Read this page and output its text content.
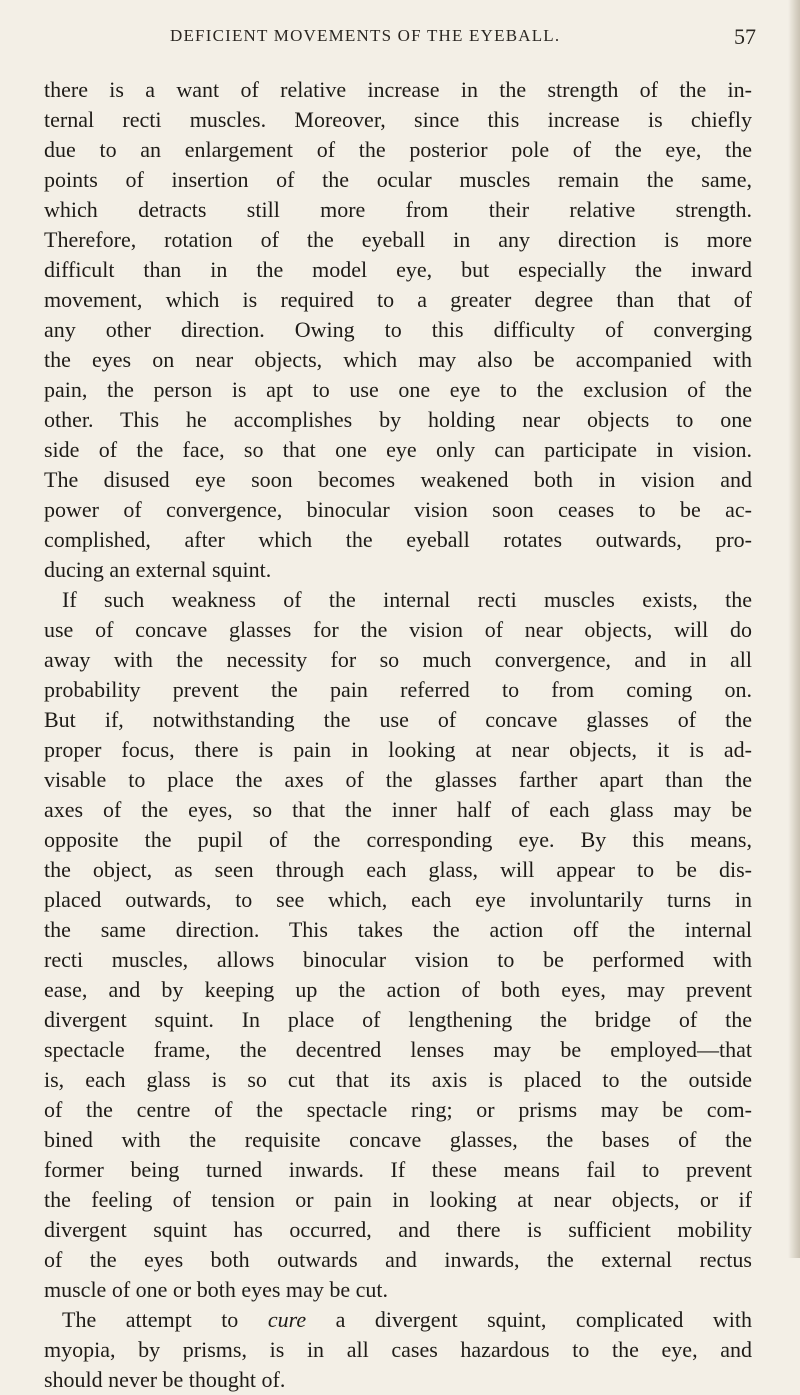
DEFICIENT MOVEMENTS OF THE EYEBALL.	57
there is a want of relative increase in the strength of the in-
ternal recti muscles. Moreover, since this increase is chiefly
due to an enlargement of the posterior pole of the eye, the
points of insertion of the ocular muscles remain the same,
which detracts still more from their relative strength.
Therefore, rotation of the eyeball in any direction is more
difficult than in the model eye, but especially the inward
movement, which is required to a greater degree than that of
any other direction. Owing to this difficulty of converging
the eyes on near objects, which may also be accompanied with
pain, the person is apt to use one eye to the exclusion of the
other. This he accomplishes by holding near objects to one
side of the face, so that one eye only can participate in vision.
The disused eye soon becomes weakened both in vision and
power of convergence, binocular vision soon ceases to be ac-
complished, after which the eyeball rotates outwards, pro-
ducing an external squint.
If such weakness of the internal recti muscles exists, the
use of concave glasses for the vision of near objects, will do
away with the necessity for so much convergence, and in all
probability prevent the pain referred to from coming on.
But if, notwithstanding the use of concave glasses of the
proper focus, there is pain in looking at near objects, it is ad-
visable to place the axes of the glasses farther apart than the
axes of the eyes, so that the inner half of each glass may be
opposite the pupil of the corresponding eye. By this means,
the object, as seen through each glass, will appear to be dis-
placed outwards, to see which, each eye involuntarily turns in
the same direction. This takes the action off the internal
recti muscles, allows binocular vision to be performed with
ease, and by keeping up the action of both eyes, may prevent
divergent squint. In place of lengthening the bridge of the
spectacle frame, the decentred lenses may be employed—that
is, each glass is so cut that its axis is placed to the outside
of the centre of the spectacle ring; or prisms may be com-
bined with the requisite concave glasses, the bases of the
former being turned inwards. If these means fail to prevent
the feeling of tension or pain in looking at near objects, or if
divergent squint has occurred, and there is sufficient mobility
of the eyes both outwards and inwards, the external rectus
muscle of one or both eyes may be cut.
The attempt to cure a divergent squint, complicated with
myopia, by prisms, is in all cases hazardous to the eye, and
should never be thought of.
